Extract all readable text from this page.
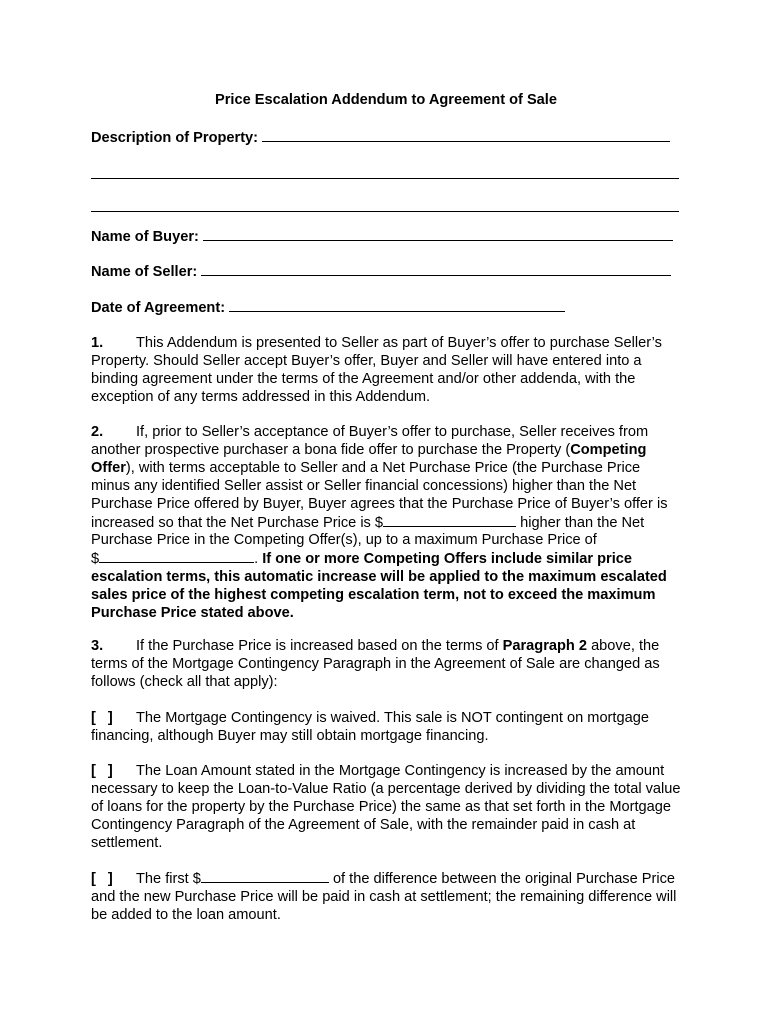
Price Escalation Addendum to Agreement of Sale
Description of Property:
Name of Buyer:
Name of Seller:
Date of Agreement:
1. This Addendum is presented to Seller as part of Buyer’s offer to purchase Seller’s Property. Should Seller accept Buyer’s offer, Buyer and Seller will have entered into a binding agreement under the terms of the Agreement and/or other addenda, with the exception of any terms addressed in this Addendum.
2. If, prior to Seller’s acceptance of Buyer’s offer to purchase, Seller receives from another prospective purchaser a bona fide offer to purchase the Property (Competing Offer), with terms acceptable to Seller and a Net Purchase Price (the Purchase Price minus any identified Seller assist or Seller financial concessions) higher than the Net Purchase Price offered by Buyer, Buyer agrees that the Purchase Price of Buyer’s offer is increased so that the Net Purchase Price is $	higher than the Net Purchase Price in the Competing Offer(s), up to a maximum Purchase Price of
$	. If one or more Competing Offers include similar price escalation terms, this automatic increase will be applied to the maximum escalated sales price of the highest competing escalation term, not to exceed the maximum Purchase Price stated above.
3. If the Purchase Price is increased based on the terms of Paragraph 2 above, the terms of the Mortgage Contingency Paragraph in the Agreement of Sale are changed as follows (check all that apply):
[ ] The Mortgage Contingency is waived. This sale is NOT contingent on mortgage financing, although Buyer may still obtain mortgage financing.
[ ] The Loan Amount stated in the Mortgage Contingency is increased by the amount necessary to keep the Loan-to-Value Ratio (a percentage derived by dividing the total value of loans for the property by the Purchase Price) the same as that set forth in the Mortgage Contingency Paragraph of the Agreement of Sale, with the remainder paid in cash at settlement.
[ ] The first $	of the difference between the original Purchase Price and the new Purchase Price will be paid in cash at settlement; the remaining difference will be added to the loan amount.
